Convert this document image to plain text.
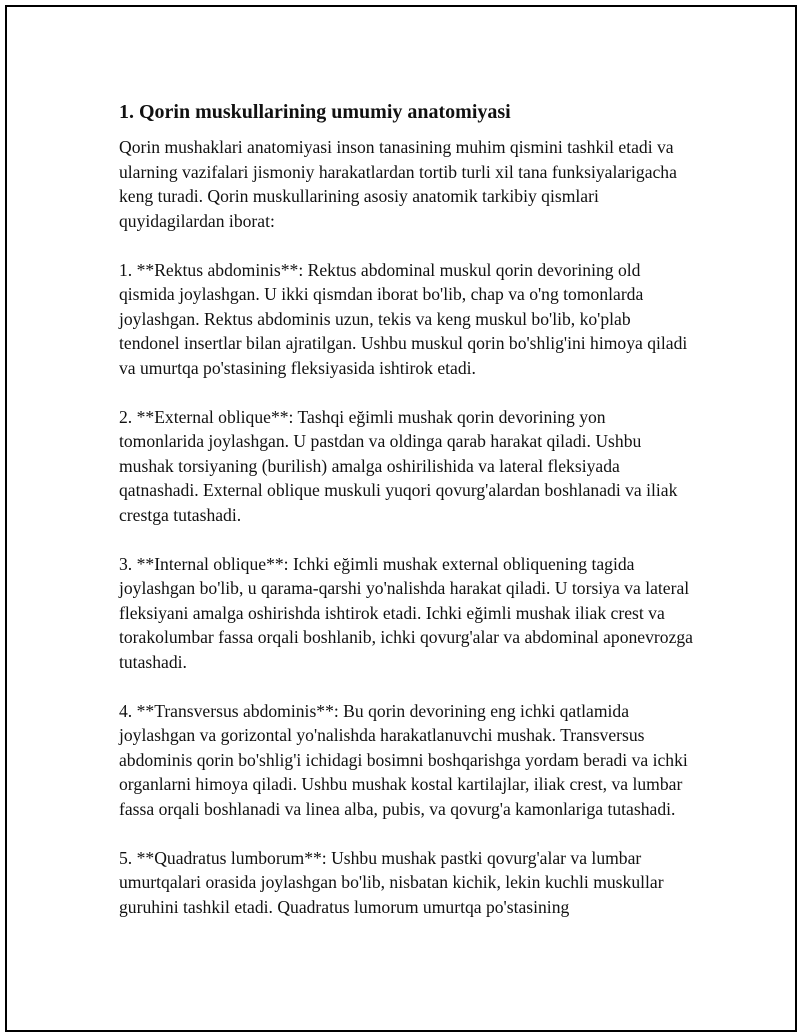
1. Qorin muskullarining umumiy anatomiyasi

Qorin mushaklari anatomiyasi inson tanasining muhim qismini tashkil etadi va ularning vazifalari jismoniy harakatlardan tortib turli xil tana funksiyalarigacha keng turadi. Qorin muskullarining asosiy anatomik tarkibiy qismlari quyidagilardan iborat:

1. **Rektus abdominis**: Rektus abdominal muskul qorin devorining old qismida joylashgan. U ikki qismdan iborat bo'lib, chap va o'ng tomonlarda joylashgan. Rektus abdominis uzun, tekis va keng muskul bo'lib, ko'plab tendonel insertlar bilan ajratilgan. Ushbu muskul qorin bo'shlig'ini himoya qiladi va umurtqa po'stasining fleksiyasida ishtirok etadi.

2. **External oblique**: Tashqi eğimli mushak qorin devorining yon tomonlarida joylashgan. U pastdan va oldinga qarab harakat qiladi. Ushbu mushak torsiyaning (burilish) amalga oshirilishida va lateral fleksiyada qatnashadi. External oblique muskuli yuqori qovurg'alardan boshlanadi va iliak crestga tutashadi.

3. **Internal oblique**: Ichki eğimli mushak external obliquening tagida joylashgan bo'lib, u qarama-qarshi yo'nalishda harakat qiladi. U torsiya va lateral fleksiyani amalga oshirishda ishtirok etadi. Ichki eğimli mushak iliak crest va torakolumbar fassa orqali boshlanib, ichki qovurg'alar va abdominal aponevrozga tutashadi.

4. **Transversus abdominis**: Bu qorin devorining eng ichki qatlamida joylashgan va gorizontal yo'nalishda harakatlanuvchi mushak. Transversus abdominis qorin bo'shlig'i ichidagi bosimni boshqarishga yordam beradi va ichki organlarni himoya qiladi. Ushbu mushak kostal kartilajlar, iliak crest, va lumbar fassa orqali boshlanadi va linea alba, pubis, va qovurg'a kamonlariga tutashadi.

5. **Quadratus lumborum**: Ushbu mushak pastki qovurg'alar va lumbar umurtqalari orasida joylashgan bo'lib, nisbatan kichik, lekin kuchli muskullar guruhini tashkil etadi. Quadratus lumorum umurtqa po'stasining
